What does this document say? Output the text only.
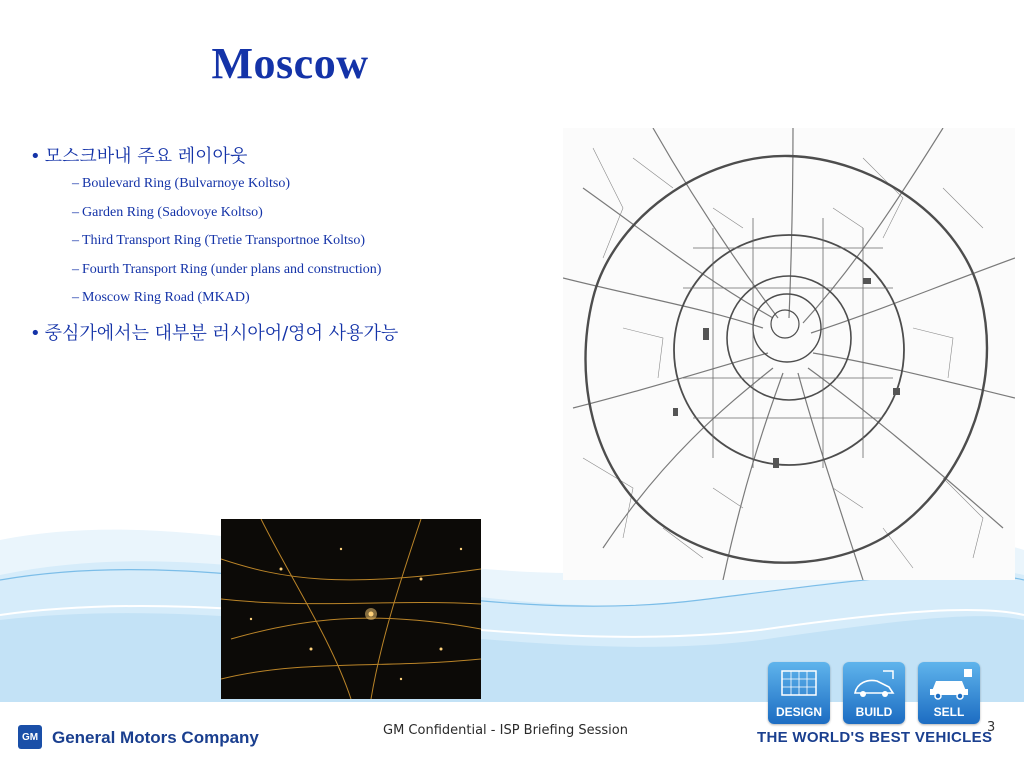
Moscow
• 모스크바내 주요 레이아웃
– Boulevard Ring (Bulvarnoye Koltso)
– Garden Ring (Sadovoye Koltso)
– Third Transport Ring (Tretie Transportnoe Koltso)
– Fourth Transport Ring (under plans and construction)
– Moscow Ring Road (MKAD)
• 중심가에서는 대부분 러시아어/영어 사용가능
GM General Motors Company	GM Confidential - ISP Briefing Session	3
DESIGN	BUILD	SELL
THE WORLD'S BEST VEHICLES
